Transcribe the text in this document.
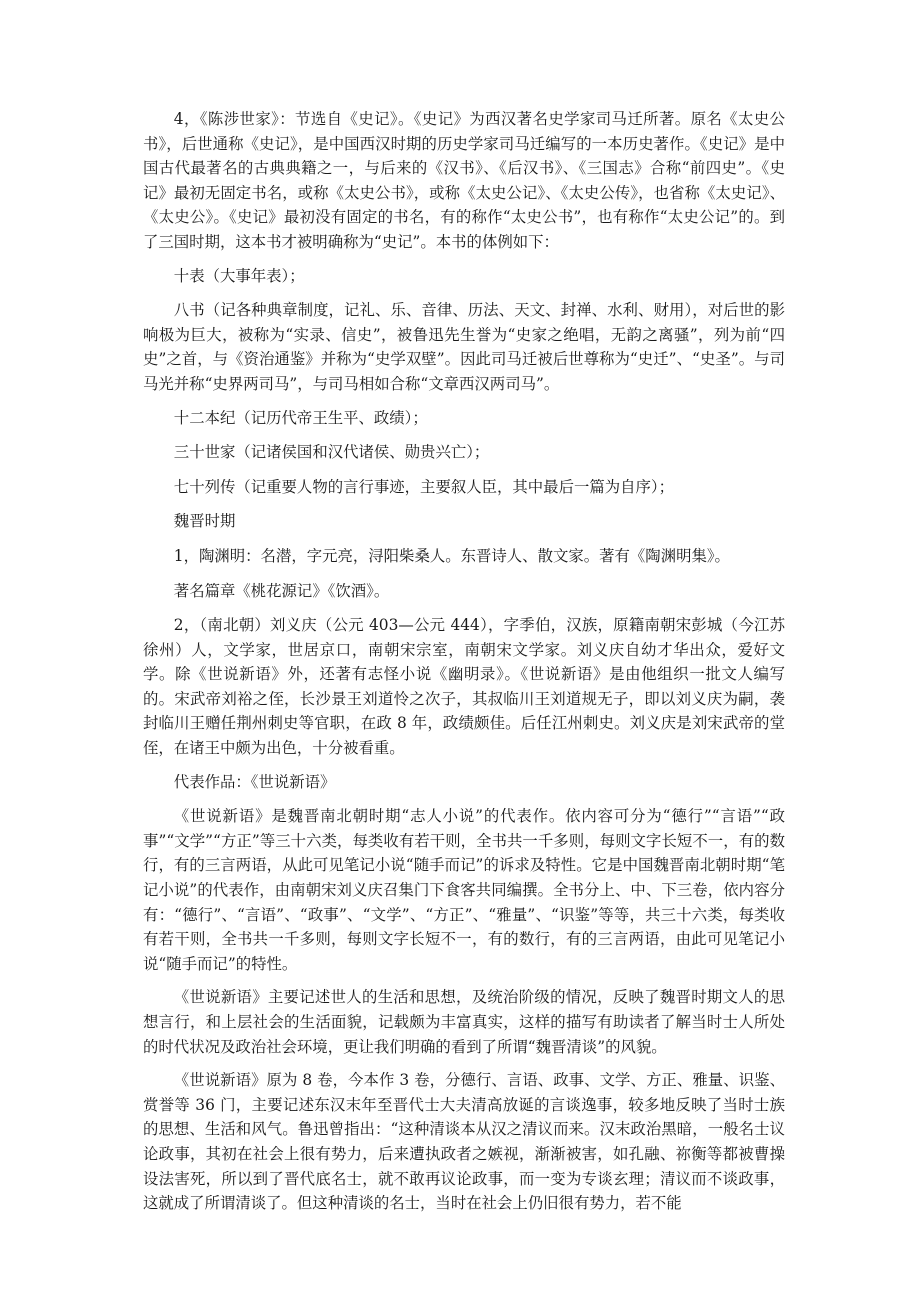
4，《陈涉世家》：节选自《史记》。《史记》为西汉著名史学家司马迁所著。原名《太史公书》，后世通称《史记》，是中国西汉时期的历史学家司马迁编写的一本历史著作。《史记》是中国古代最著名的古典典籍之一，与后来的《汉书》、《后汉书》、《三国志》合称“前四史”。《史记》最初无固定书名，或称《太史公书》，或称《太史公记》、《太史公传》，也省称《太史记》、《太史公》。《史记》最初没有固定的书名，有的称作“太史公书”，也有称作“太史公记”的。到了三国时期，这本书才被明确称为“史记”。本书的体例如下：

十表（大事年表）；

八书（记各种典章制度，记礼、乐、音律、历法、天文、封禅、水利、财用），对后世的影响极为巨大，被称为“实录、信史”，被鲁迅先生誉为“史家之绝唱，无韵之离骚”，列为前“四史”之首，与《资治通鉴》并称为“史学双壁”。因此司马迁被后世尊称为“史迁”、“史圣”。与司马光并称“史界两司马”，与司马相如合称“文章西汉两司马”。

十二本纪（记历代帝王生平、政绩）；

三十世家（记诸侯国和汉代诸侯、勋贵兴亡）；

七十列传（记重要人物的言行事迹，主要叙人臣，其中最后一篇为自序）；

魏晋时期

1，陶渊明：名潜，字元亮，浔阳柴桑人。东晋诗人、散文家。著有《陶渊明集》。

著名篇章《桃花源记》《饮酒》。

2，（南北朝）刘义庆（公元 403—公元 444），字季伯，汉族，原籍南朝宋彭城（今江苏徐州）人，文学家，世居京口，南朝宋宗室，南朝宋文学家。刘义庆自幼才华出众，爱好文学。除《世说新语》外，还著有志怪小说《幽明录》。《世说新语》是由他组织一批文人编写的。宋武帝刘裕之侄，长沙景王刘道怜之次子，其叔临川王刘道规无子，即以刘义庆为嗣，袭封临川王赠任荆州刺史等官职，在政 8 年，政绩颇佳。后任江州刺史。刘义庆是刘宋武帝的堂侄，在诸王中颇为出色，十分被看重。

代表作品：《世说新语》

《世说新语》是魏晋南北朝时期“志人小说”的代表作。依内容可分为“德行”“言语”“政事”“文学”“方正”等三十六类，每类收有若干则，全书共一千多则，每则文字长短不一，有的数行，有的三言两语，从此可见笔记小说“随手而记”的诉求及特性。它是中国魏晋南北朝时期“笔记小说”的代表作，由南朝宋刘义庆召集门下食客共同编撰。全书分上、中、下三卷，依内容分有：“德行”、“言语”、“政事”、“文学”、“方正”、“雅量”、“识鉴”等等，共三十六类，每类收有若干则，全书共一千多则，每则文字长短不一，有的数行，有的三言两语，由此可见笔记小说“随手而记”的特性。

《世说新语》主要记述世人的生活和思想，及统治阶级的情况，反映了魏晋时期文人的思想言行，和上层社会的生活面貌，记载颇为丰富真实，这样的描写有助读者了解当时士人所处的时代状况及政治社会环境，更让我们明确的看到了所谓“魏晋清谈”的风貌。

《世说新语》原为 8 卷，今本作 3 卷，分德行、言语、政事、文学、方正、雅量、识鉴、赏誉等 36 门，主要记述东汉末年至晋代士大夫清高放诞的言谈逸事，较多地反映了当时士族的思想、生活和风气。鲁迅曾指出：“这种清谈本从汉之清议而来。汉末政治黑暗，一般名士议论政事，其初在社会上很有势力，后来遭执政者之嫉视，渐渐被害，如孔融、祢衡等都被曹操设法害死，所以到了晋代底名士，就不敢再议论政事，而一变为专谈玄理；清议而不谈政事，这就成了所谓清谈了。但这种清谈的名士，当时在社会上仍旧很有势力，若不能
